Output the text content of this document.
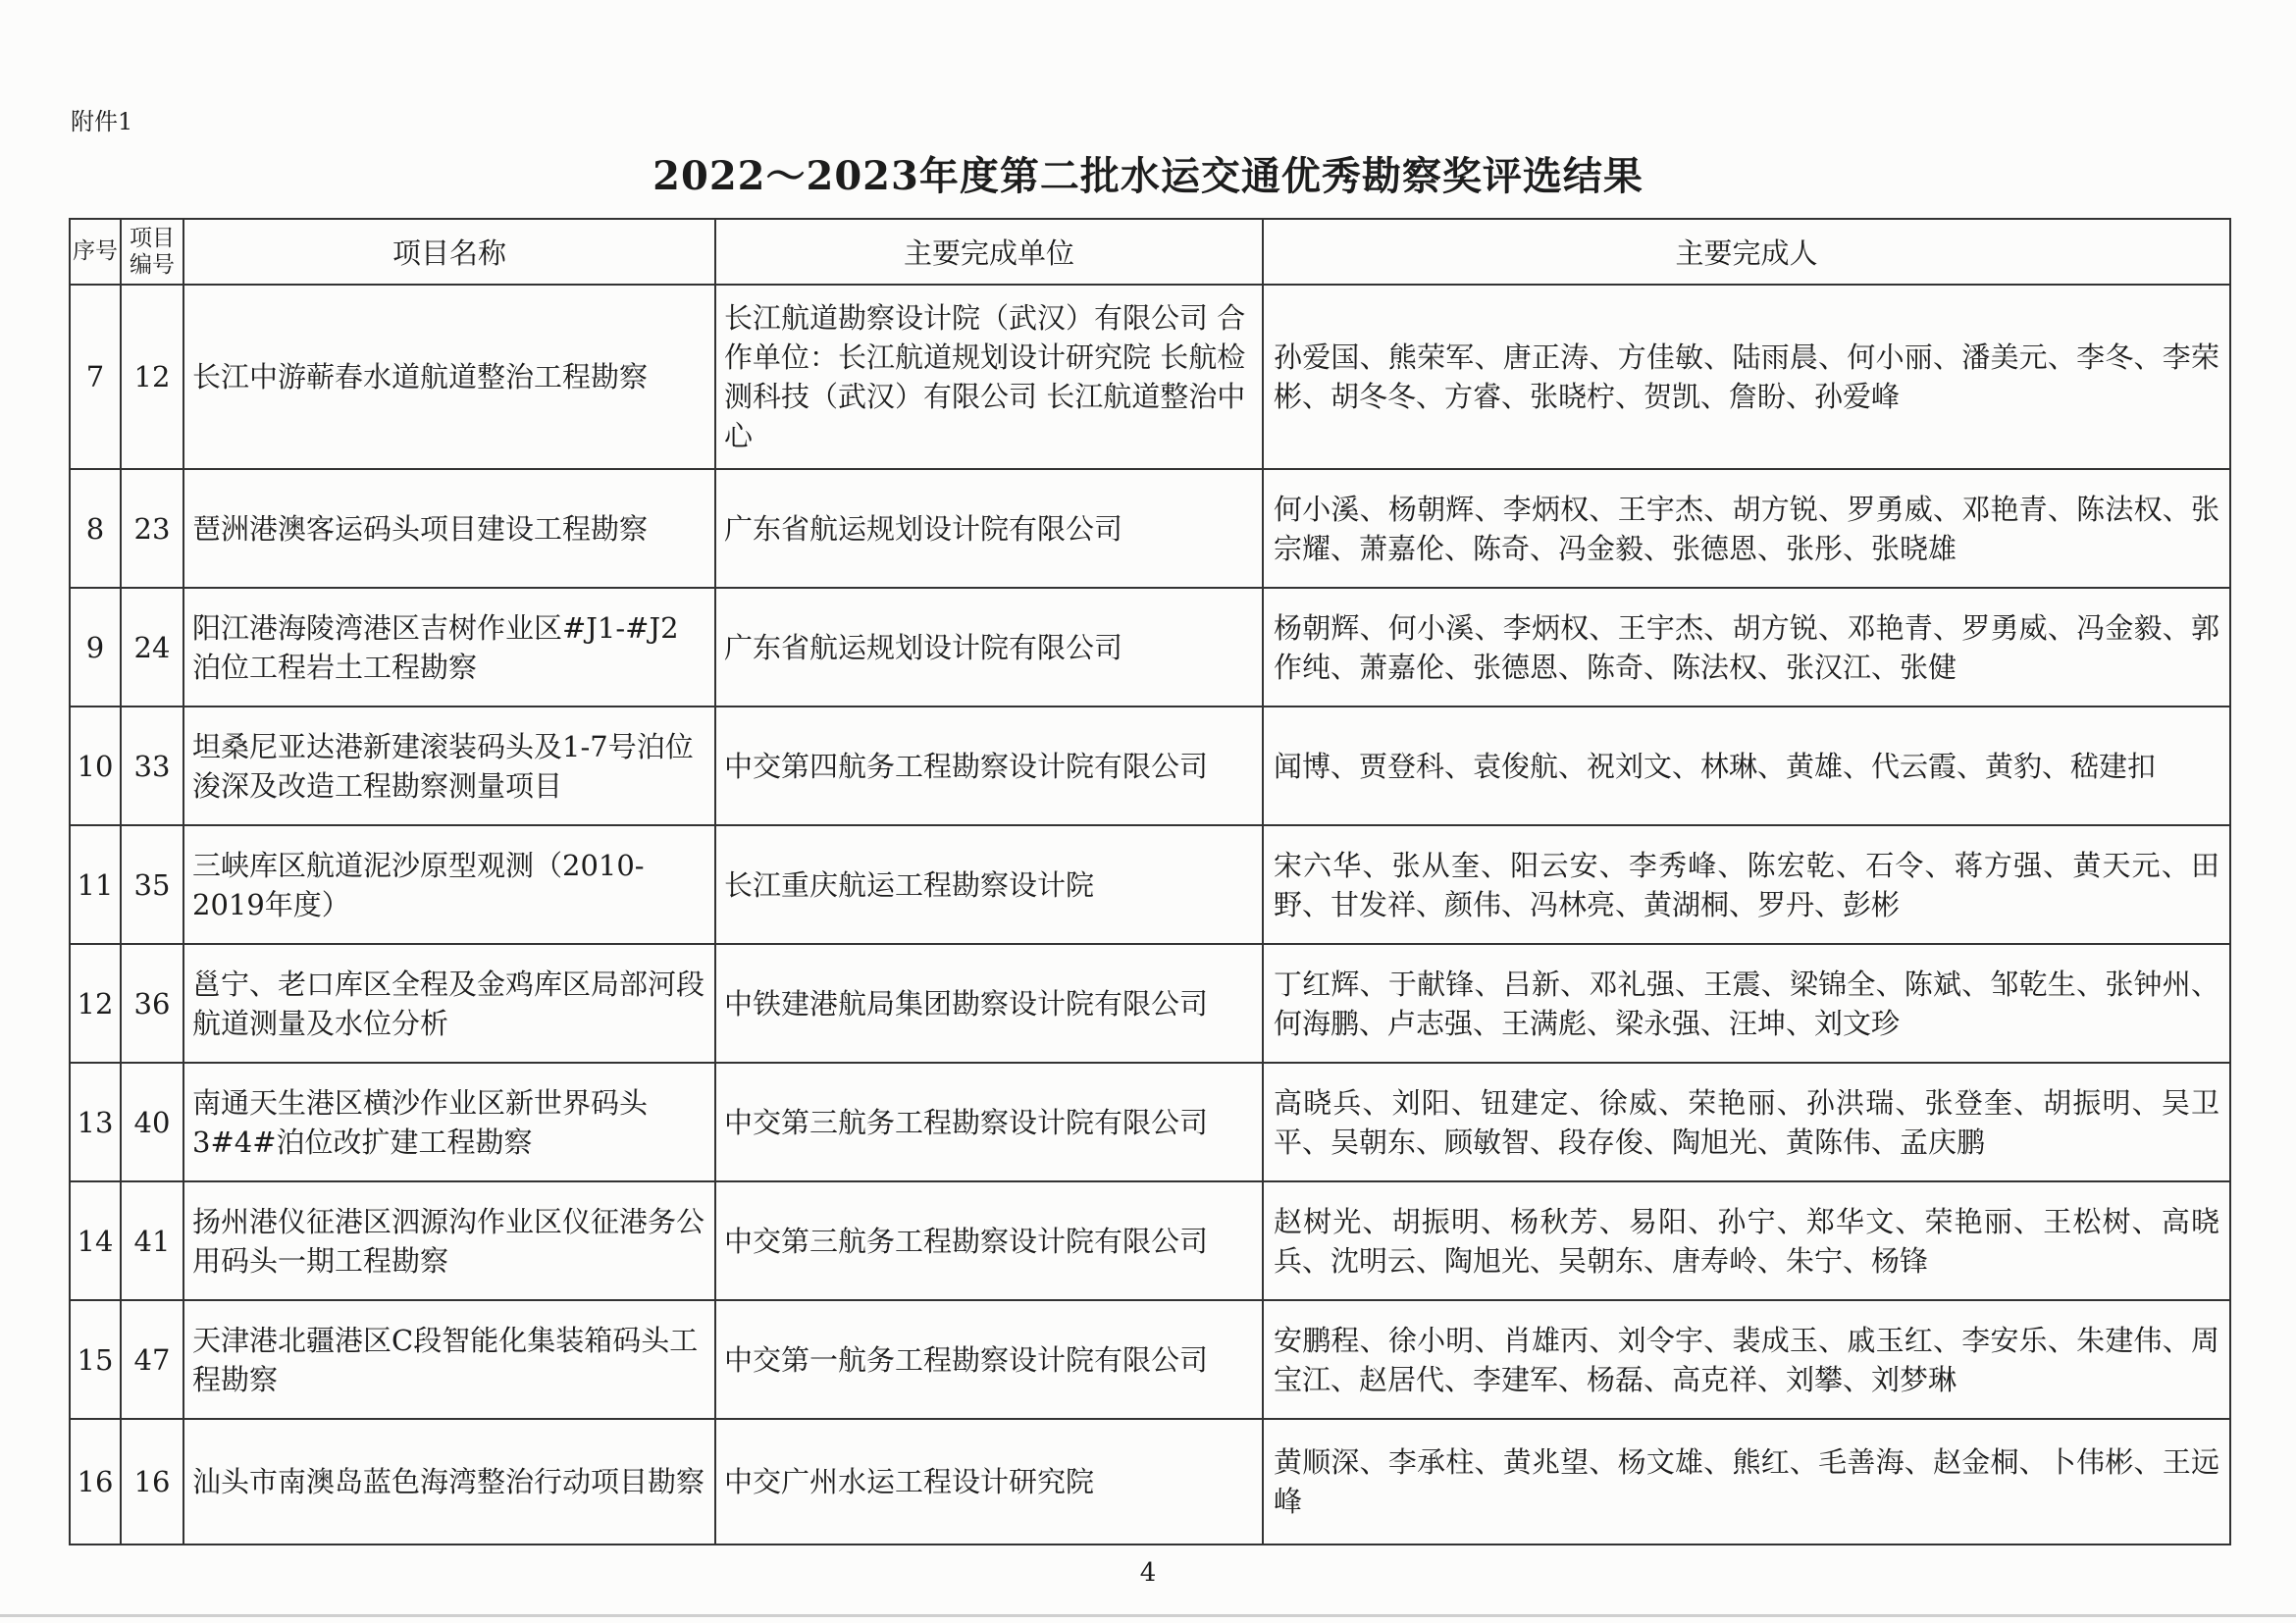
附件1
2022～2023年度第二批水运交通优秀勘察奖评选结果
序号	项目编号	项目名称	主要完成单位	主要完成人
7	12	长江中游蕲春水道航道整治工程勘察	长江航道勘察设计院（武汉）有限公司 合作单位：长江航道规划设计研究院 长航检测科技（武汉）有限公司 长江航道整治中心	孙爱国、熊荣军、唐正涛、方佳敏、陆雨晨、何小丽、潘美元、李冬、李荣彬、胡冬冬、方睿、张晓柠、贺凯、詹盼、孙爱峰
8	23	琶洲港澳客运码头项目建设工程勘察	广东省航运规划设计院有限公司	何小溪、杨朝辉、李炳权、王宇杰、胡方锐、罗勇威、邓艳青、陈法权、张宗耀、萧嘉伦、陈奇、冯金毅、张德恩、张彤、张晓雄
9	24	阳江港海陵湾港区吉树作业区#J1-#J2泊位工程岩土工程勘察	广东省航运规划设计院有限公司	杨朝辉、何小溪、李炳权、王宇杰、胡方锐、邓艳青、罗勇威、冯金毅、郭作纯、萧嘉伦、张德恩、陈奇、陈法权、张汉江、张健
10	33	坦桑尼亚达港新建滚装码头及1-7号泊位浚深及改造工程勘察测量项目	中交第四航务工程勘察设计院有限公司	闻博、贾登科、袁俊航、祝刘文、林琳、黄雄、代云霞、黄豹、嵇建扣
11	35	三峡库区航道泥沙原型观测（2010-2019年度）	长江重庆航运工程勘察设计院	宋六华、张从奎、阳云安、李秀峰、陈宏乾、石令、蒋方强、黄天元、田野、甘发祥、颜伟、冯林亮、黄湖桐、罗丹、彭彬
12	36	邕宁、老口库区全程及金鸡库区局部河段航道测量及水位分析	中铁建港航局集团勘察设计院有限公司	丁红辉、于献锋、吕新、邓礼强、王震、梁锦全、陈斌、邹乾生、张钟州、何海鹏、卢志强、王满彪、梁永强、汪坤、刘文珍
13	40	南通天生港区横沙作业区新世界码头3#4#泊位改扩建工程勘察	中交第三航务工程勘察设计院有限公司	高晓兵、刘阳、钮建定、徐威、荣艳丽、孙洪瑞、张登奎、胡振明、吴卫平、吴朝东、顾敏智、段存俊、陶旭光、黄陈伟、孟庆鹏
14	41	扬州港仪征港区泗源沟作业区仪征港务公用码头一期工程勘察	中交第三航务工程勘察设计院有限公司	赵树光、胡振明、杨秋芳、易阳、孙宁、郑华文、荣艳丽、王松树、高晓兵、沈明云、陶旭光、吴朝东、唐寿岭、朱宁、杨锋
15	47	天津港北疆港区C段智能化集装箱码头工程勘察	中交第一航务工程勘察设计院有限公司	安鹏程、徐小明、肖雄丙、刘令宇、裴成玉、戚玉红、李安乐、朱建伟、周宝江、赵居代、李建军、杨磊、高克祥、刘攀、刘梦琳
16	16	汕头市南澳岛蓝色海湾整治行动项目勘察	中交广州水运工程设计研究院	黄顺深、李承柱、黄兆望、杨文雄、熊红、毛善海、赵金桐、卜伟彬、王远峰
4
